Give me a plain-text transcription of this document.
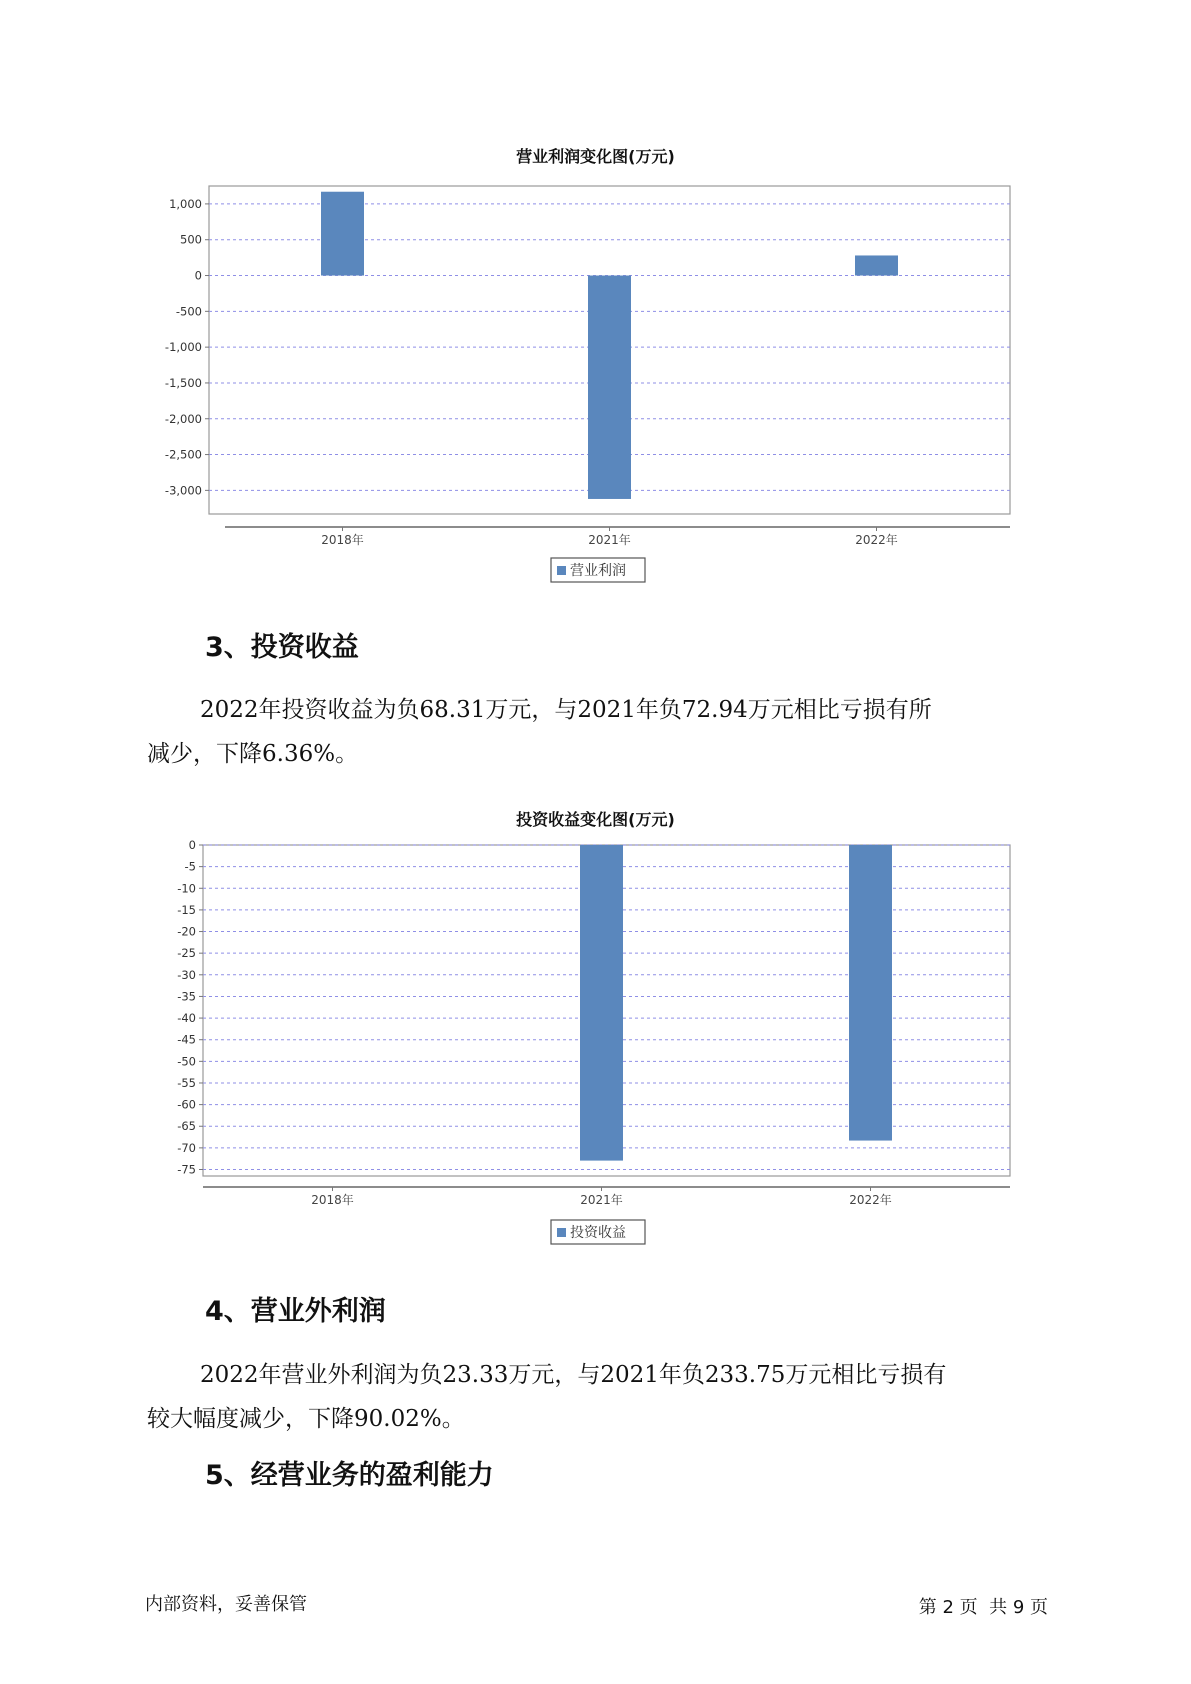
营业利润变化图(万元)
1,000
500
0
-500
-1,000
-1,500
-2,000
-2,500
-3,000
2018年	2021年	2022年
营业利润
3、投资收益
2022年投资收益为负68.31万元，与2021年负72.94万元相比亏损有所
减少，下降6.36%。
投资收益变化图(万元)
0
-5
-10
-15
-20
-25
-30
-35
-40
-45
-50
-55
-60
-65
-70
-75
2018年	2021年	2022年
投资收益
4、营业外利润
2022年营业外利润为负23.33万元，与2021年负233.75万元相比亏损有
较大幅度减少，下降90.02%。
5、经营业务的盈利能力
内部资料，妥善保管	第 2 页  共 9 页
